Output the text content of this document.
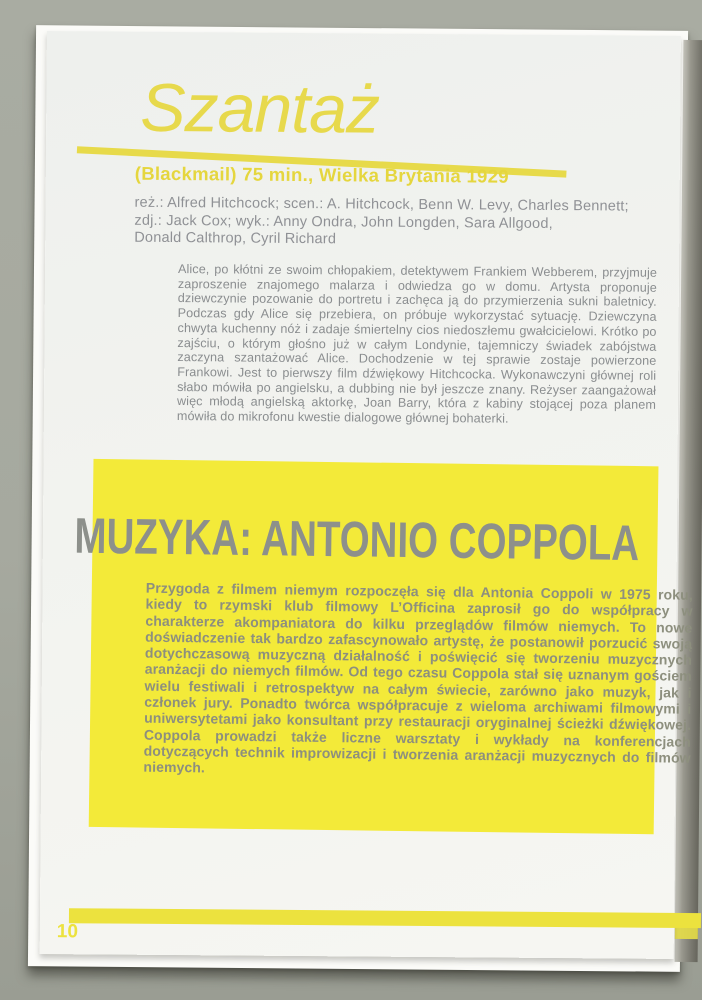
Szantaż
(Blackmail) 75 min., Wielka Brytania 1929
reż.: Alfred Hitchcock; scen.: A. Hitchcock, Benn W. Levy, Charles Bennett;
zdj.: Jack Cox; wyk.: Anny Ondra, John Longden, Sara Allgood,
Donald Calthrop, Cyril Richard

Alice, po kłótni ze swoim chłopakiem, detektywem Frankiem Webberem, przyjmuje zaproszenie znajomego malarza i odwiedza go w domu. Artysta proponuje dziewczynie pozowanie do portretu i zachęca ją do przymierzenia sukni baletnicy. Podczas gdy Alice się przebiera, on próbuje wykorzystać sytuację. Dziewczyna chwyta kuchenny nóż i zadaje śmiertelny cios niedoszłemu gwałcicielowi. Krótko po zajściu, o którym głośno już w całym Londynie, tajemniczy świadek zabójstwa zaczyna szantażować Alice. Dochodzenie w tej sprawie zostaje powierzone Frankowi. Jest to pierwszy film dźwiękowy Hitchcocka. Wykonawczyni głównej roli słabo mówiła po angielsku, a dubbing nie był jeszcze znany. Reżyser zaangażował więc młodą angielską aktorkę, Joan Barry, która z kabiny stojącej poza planem mówiła do mikrofonu kwestie dialogowe głównej bohaterki.

MUZYKA: ANTONIO COPPOLA

Przygoda z filmem niemym rozpoczęła się dla Antonia Coppoli w 1975 roku, kiedy to rzymski klub filmowy L’Officina zaprosił go do współpracy w charakterze akompaniatora do kilku przeglądów filmów niemych. To nowe doświadczenie tak bardzo zafascynowało artystę, że postanowił porzucić swoją dotychczasową muzyczną działalność i poświęcić się tworzeniu muzycznych aranżacji do niemych filmów. Od tego czasu Coppola stał się uznanym gościem wielu festiwali i retrospektyw na całym świecie, zarówno jako muzyk, jak i członek jury. Ponadto twórca współpracuje z wieloma archiwami filmowymi i uniwersytetami jako konsultant przy restauracji oryginalnej ścieżki dźwiękowej. Coppola prowadzi także liczne warsztaty i wykłady na konferencjach dotyczących technik improwizacji i tworzenia aranżacji muzycznych do filmów niemych.

10
